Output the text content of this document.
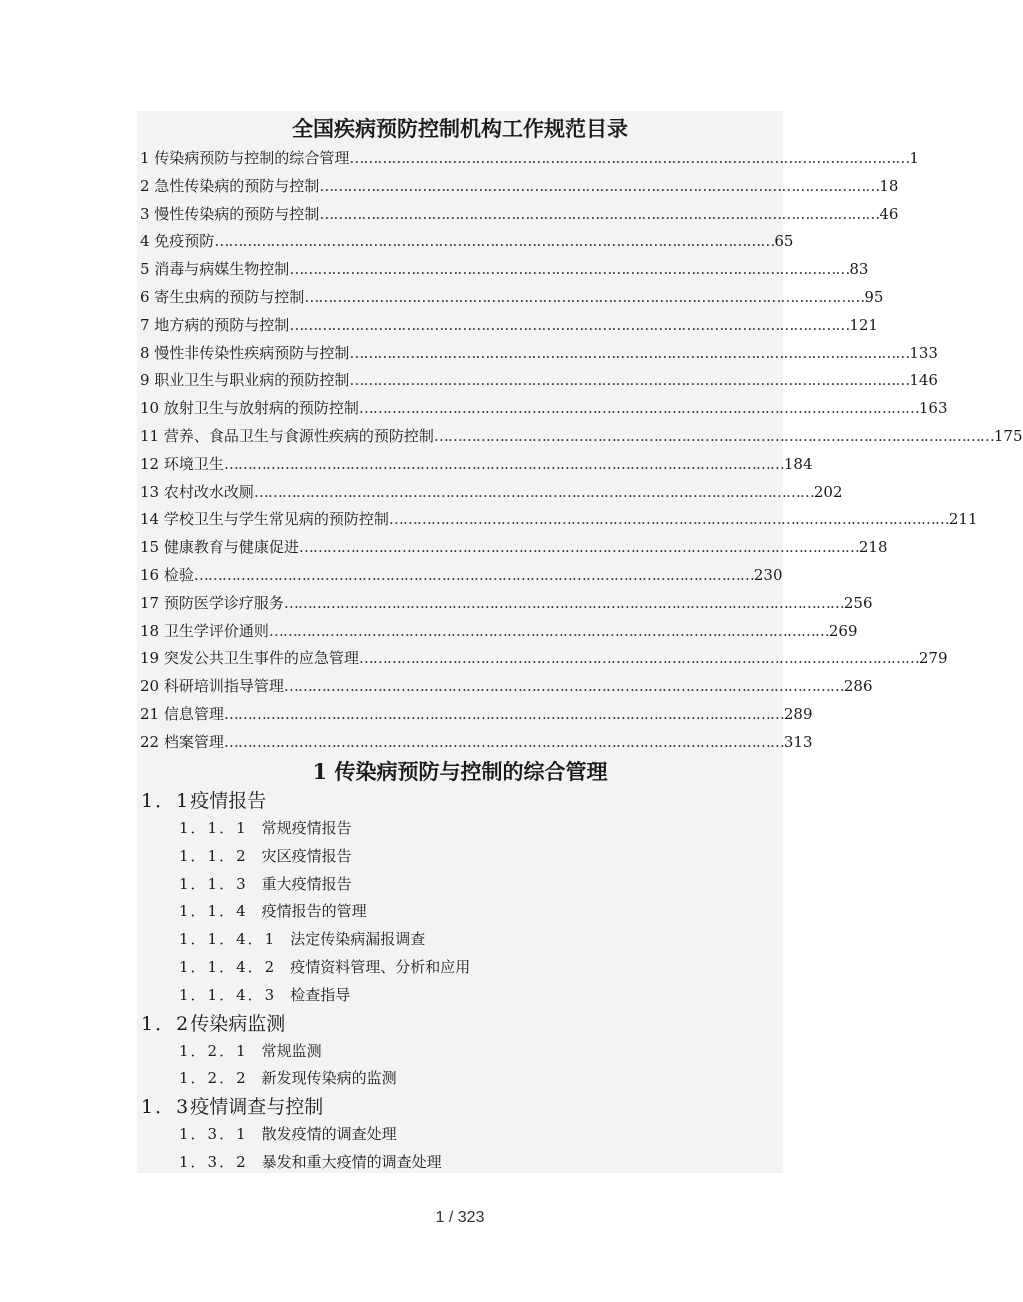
全国疾病预防控制机构工作规范目录
1 传染病预防与控制的综合管理 ………………………………………………………………………………………………………… 1
2 急性传染病的预防与控制 ………………………………………………………………………………………………………… 18
3 慢性传染病的预防与控制 ………………………………………………………………………………………………………… 46
4 免疫预防 ………………………………………………………………………………………………………… 65
5 消毒与病媒生物控制 ………………………………………………………………………………………………………… 83
6 寄生虫病的预防与控制 ………………………………………………………………………………………………………… 95
7 地方病的预防与控制 ………………………………………………………………………………………………………… 121
8 慢性非传染性疾病预防与控制 ………………………………………………………………………………………………………… 133
9 职业卫生与职业病的预防控制 ………………………………………………………………………………………………………… 146
10 放射卫生与放射病的预防控制 ………………………………………………………………………………………………………… 163
11 营养、食品卫生与食源性疾病的预防控制 ………………………………………………………………………………………………………… 175
12 环境卫生 ………………………………………………………………………………………………………… 184
13 农村改水改厕 ………………………………………………………………………………………………………… 202
14 学校卫生与学生常见病的预防控制 ………………………………………………………………………………………………………… 211
15 健康教育与健康促进 ………………………………………………………………………………………………………… 218
16 检验 ………………………………………………………………………………………………………… 230
17 预防医学诊疗服务 ………………………………………………………………………………………………………… 256
18 卫生学评价通则 ………………………………………………………………………………………………………… 269
19 突发公共卫生事件的应急管理 ………………………………………………………………………………………………………… 279
20 科研培训指导管理 ………………………………………………………………………………………………………… 286
21 信息管理 ………………………………………………………………………………………………………… 289
22 档案管理 ………………………………………………………………………………………………………… 313
1 传染病预防与控制的综合管理
1．1疫情报告
1．1．1 常规疫情报告
1．1．2 灾区疫情报告
1．1．3 重大疫情报告
1．1．4 疫情报告的管理
1．1．4．1 法定传染病漏报调查
1．1．4．2 疫情资料管理、分析和应用
1．1．4．3 检查指导
1．2传染病监测
1．2．1 常规监测
1．2．2 新发现传染病的监测
1．3疫情调查与控制
1．3．1 散发疫情的调查处理
1．3．2 暴发和重大疫情的调查处理
1 / 323
